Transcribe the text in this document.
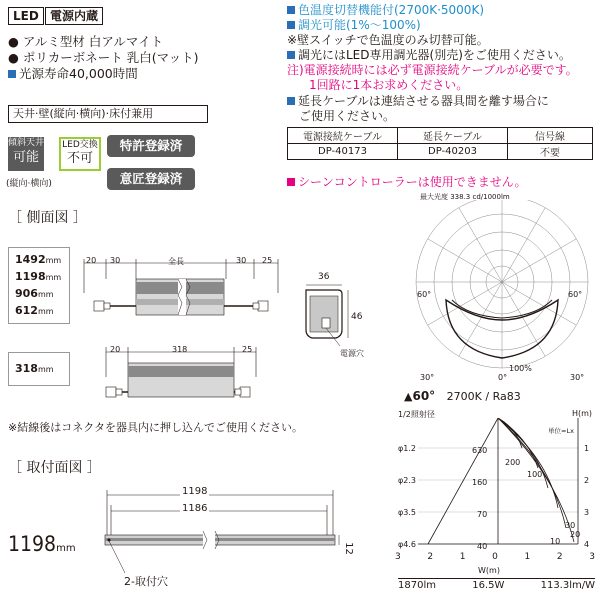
LED 電源内蔵
● アルミ型材 白アルマイト
● ポリカーボネート 乳白(マット)
光源寿命40,000時間
天井·壁(縦向·横向)·床付兼用
傾斜天井
可能
(縦向·横向)
LED交換
不可
特許登録済
意匠登録済
色温度切替機能付(2700K·5000K)
調光可能(1%～100%)
※壁スイッチで色温度のみ切替可能。
調光にはLED専用調光器(別売)をご使用ください。
注)電源接続時には必ず電源接続ケーブルが必要です。
1回路に1本お求めください。
延長ケーブルは連結させる器具間を離す場合に
ご使用ください。
電源接続ケーブル	延長ケーブル	信号線
DP-40173	DP-40203	不要
シーンコントローラーは使用できません。
［ 側面図 ］
1492mm
1198mm
906mm
612mm
318mm
20 30	全長	30 25
20	318	25
36
46
電源穴
※結線後はコネクタを器具内に押し込んでご使用ください。
［ 取付面図 ］
1198
1186
1198mm	12
2-取付穴
最大光度 338.3 cd/1000lm
60°	60°
30°	0°	30°
100%
▲60° 2700K / Ra83
1/2照射径	H(m)
単位=Lx
φ1.2
φ2.3
φ3.5
φ4.6
1
2
3
4
630
200
100
160
70
40
30
20
10
3	2	1	0	1	2	3
W(m)
1870lm	16.5W	113.3lm/W
